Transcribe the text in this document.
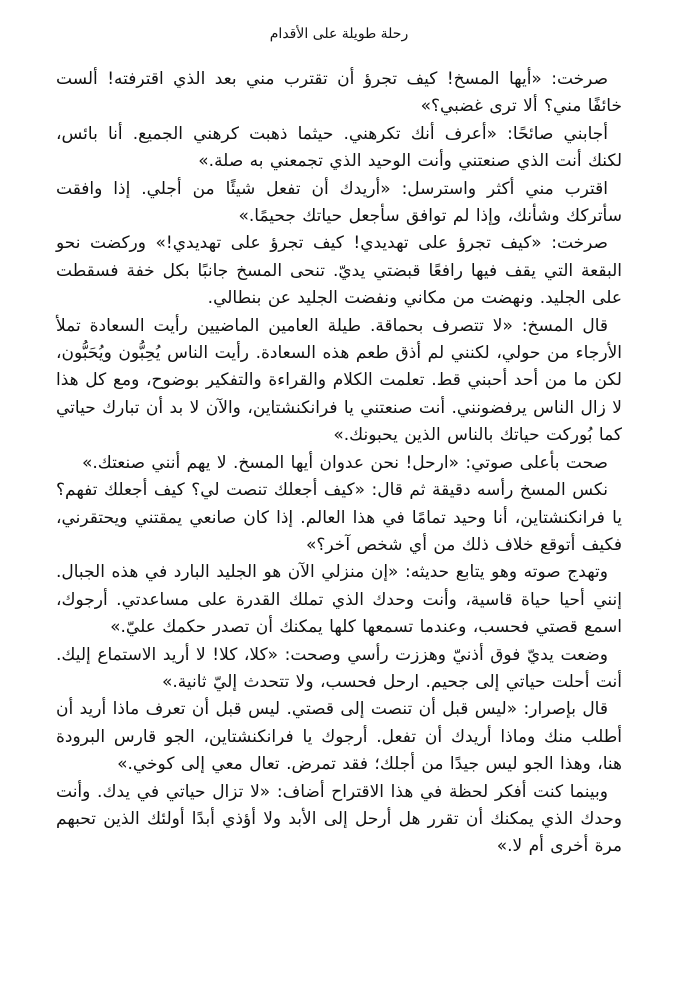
رحلة طويلة على الأقدام

صرخت: «أيها المسخ! كيف تجرؤ أن تقترب مني بعد الذي اقترفته! ألست خائفًا مني؟ ألا ترى غضبي؟»

أجابني صائحًا: «أعرف أنك تكرهني. حيثما ذهبت كرهني الجميع. أنا بائس، لكنك أنت الذي صنعتني وأنت الوحيد الذي تجمعني به صلة.»

اقترب مني أكثر واسترسل: «أريدك أن تفعل شيئًا من أجلي. إذا وافقت سأتركك وشأنك، وإذا لم توافق سأجعل حياتك جحيمًا.»

صرخت: «كيف تجرؤ على تهديدي! كيف تجرؤ على تهديدي!» وركضت نحو البقعة التي يقف فيها رافعًا قبضتي يديّ. تنحى المسخ جانبًا بكل خفة فسقطت على الجليد. ونهضت من مكاني ونفضت الجليد عن بنطالي.

قال المسخ: «لا تتصرف بحماقة. طيلة العامين الماضيين رأيت السعادة تملأ الأرجاء من حولي، لكنني لم أذق طعم هذه السعادة. رأيت الناس يُحِبُّون ويُحَبُّون، لكن ما من أحد أحبني قط. تعلمت الكلام والقراءة والتفكير بوضوح، ومع كل هذا لا زال الناس يرفضونني. أنت صنعتني يا فرانكنشتاين، والآن لا بد أن تبارك حياتي كما بُوركت حياتك بالناس الذين يحبونك.»

صحت بأعلى صوتي: «ارحل! نحن عدوان أيها المسخ. لا يهم أنني صنعتك.»

نكس المسخ رأسه دقيقة ثم قال: «كيف أجعلك تنصت لي؟ كيف أجعلك تفهم؟ يا فرانكنشتاين، أنا وحيد تمامًا في هذا العالم. إذا كان صانعي يمقتني ويحتقرني، فكيف أتوقع خلاف ذلك من أي شخص آخر؟»

وتهدج صوته وهو يتابع حديثه: «إن منزلي الآن هو الجليد البارد في هذه الجبال. إنني أحيا حياة قاسية، وأنت وحدك الذي تملك القدرة على مساعدتي. أرجوك، اسمع قصتي فحسب، وعندما تسمعها كلها يمكنك أن تصدر حكمك عليّ.»

وضعت يديّ فوق أذنيّ وهززت رأسي وصحت: «كلا، كلا! لا أريد الاستماع إليك. أنت أحلت حياتي إلى جحيم. ارحل فحسب، ولا تتحدث إليّ ثانية.»

قال بإصرار: «ليس قبل أن تنصت إلى قصتي. ليس قبل أن تعرف ماذا أريد أن أطلب منك وماذا أريدك أن تفعل. أرجوك يا فرانكنشتاين، الجو قارس البرودة هنا، وهذا الجو ليس جيدًا من أجلك؛ فقد تمرض. تعال معي إلى كوخي.»

وبينما كنت أفكر لحظة في هذا الاقتراح أضاف: «لا تزال حياتي في يدك. وأنت وحدك الذي يمكنك أن تقرر هل أرحل إلى الأبد ولا أؤذي أبدًا أولئك الذين تحبهم مرة أخرى أم لا.»
